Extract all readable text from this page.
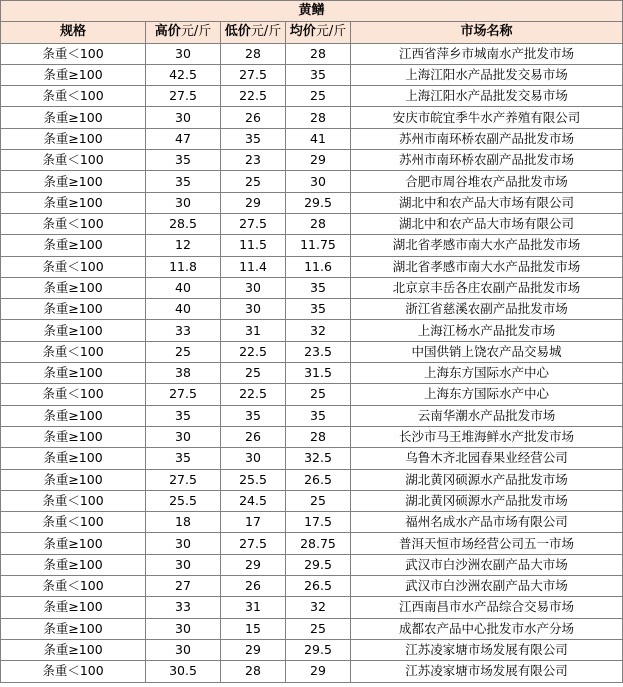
黄鳝				
规格	高价元/斤	低价元/斤	均价元/斤	市场名称
条重＜100	30	28	28	江西省萍乡市城南水产批发市场
条重≥100	42.5	27.5	35	上海江阳水产品批发交易市场
条重＜100	27.5	22.5	25	上海江阳水产品批发交易市场
条重≥100	30	26	28	安庆市皖宜季牛水产养殖有限公司
条重≥100	47	35	41	苏州市南环桥农副产品批发市场
条重＜100	35	23	29	苏州市南环桥农副产品批发市场
条重≥100	35	25	30	合肥市周谷堆农产品批发市场
条重≥100	30	29	29.5	湖北中和农产品大市场有限公司
条重＜100	28.5	27.5	28	湖北中和农产品大市场有限公司
条重≥100	12	11.5	11.75	湖北省孝感市南大水产品批发市场
条重＜100	11.8	11.4	11.6	湖北省孝感市南大水产品批发市场
条重≥100	40	30	35	北京京丰岳各庄农副产品批发市场
条重≥100	40	30	35	浙江省慈溪农副产品批发市场
条重≥100	33	31	32	上海江杨水产品批发市场
条重＜100	25	22.5	23.5	中国供销上饶农产品交易城
条重≥100	38	25	31.5	上海东方国际水产中心
条重＜100	27.5	22.5	25	上海东方国际水产中心
条重≥100	35	35	35	云南华潮水产品批发市场
条重≥100	30	26	28	长沙市马王堆海鲜水产批发市场
条重≥100	35	30	32.5	乌鲁木齐北园春果业经营公司
条重≥100	27.5	25.5	26.5	湖北黄冈硕源水产品批发市场
条重＜100	25.5	24.5	25	湖北黄冈硕源水产品批发市场
条重＜100	18	17	17.5	福州名成水产品市场有限公司
条重≥100	30	27.5	28.75	普洱天恒市场经营公司五一市场
条重≥100	30	29	29.5	武汉市白沙洲农副产品大市场
条重＜100	27	26	26.5	武汉市白沙洲农副产品大市场
条重≥100	33	31	32	江西南昌市水产品综合交易市场
条重≥100	30	15	25	成都农产品中心批发市水产分场
条重≥100	30	29	29.5	江苏凌家塘市场发展有限公司
条重＜100	30.5	28	29	江苏凌家塘市场发展有限公司
